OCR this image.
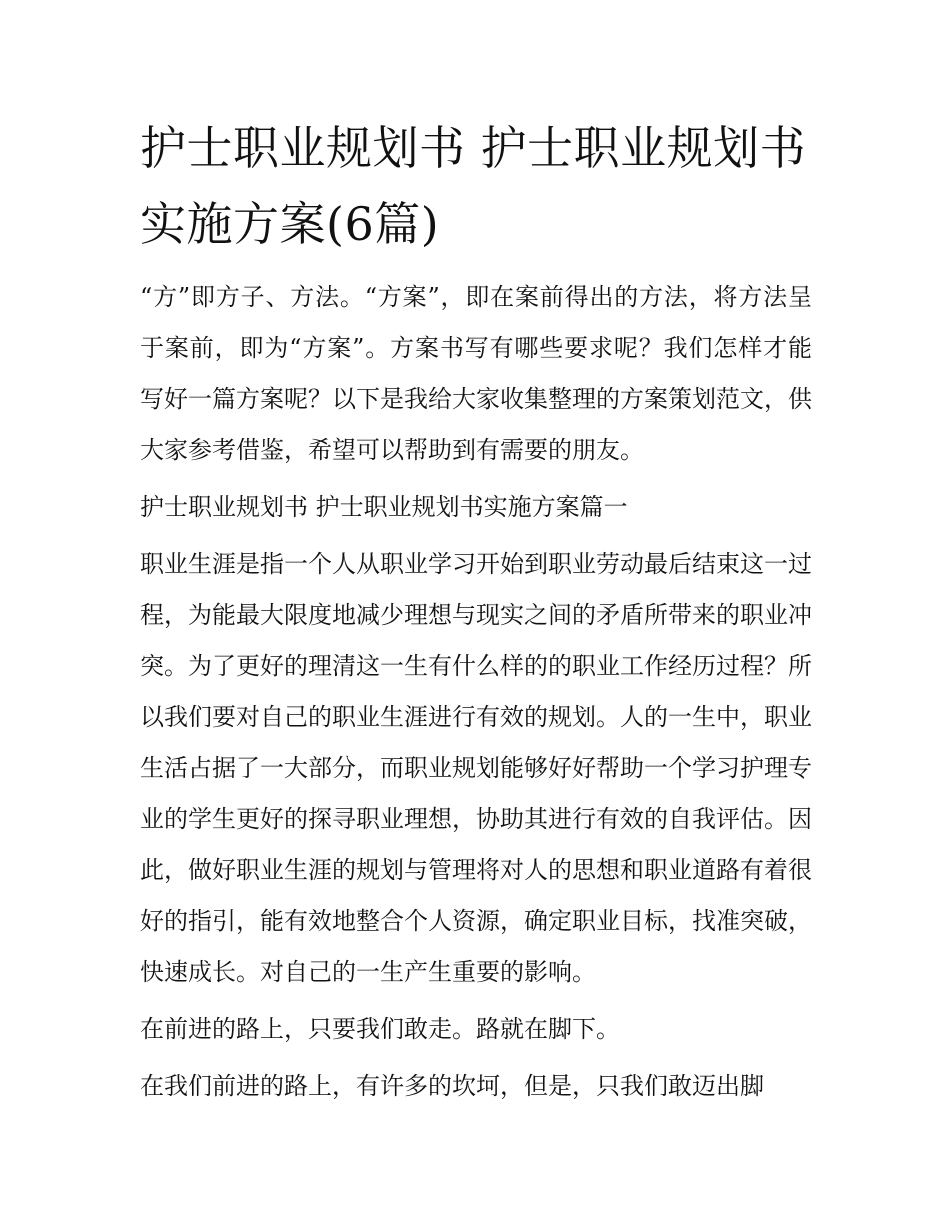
护士职业规划书 护士职业规划书实施方案(6篇)

“方”即方子、方法。“方案”，即在案前得出的方法，将方法呈于案前，即为“方案”。方案书写有哪些要求呢？我们怎样才能写好一篇方案呢？以下是我给大家收集整理的方案策划范文，供大家参考借鉴，希望可以帮助到有需要的朋友。

护士职业规划书 护士职业规划书实施方案篇一

职业生涯是指一个人从职业学习开始到职业劳动最后结束这一过程，为能最大限度地减少理想与现实之间的矛盾所带来的职业冲突。为了更好的理清这一生有什么样的的职业工作经历过程？所以我们要对自己的职业生涯进行有效的规划。人的一生中，职业生活占据了一大部分，而职业规划能够好好帮助一个学习护理专业的学生更好的探寻职业理想，协助其进行有效的自我评估。因此，做好职业生涯的规划与管理将对人的思想和职业道路有着很好的指引，能有效地整合个人资源，确定职业目标，找准突破，快速成长。对自己的一生产生重要的影响。

在前进的路上，只要我们敢走。路就在脚下。

在我们前进的路上，有许多的坎坷，但是，只我们敢迈出脚
